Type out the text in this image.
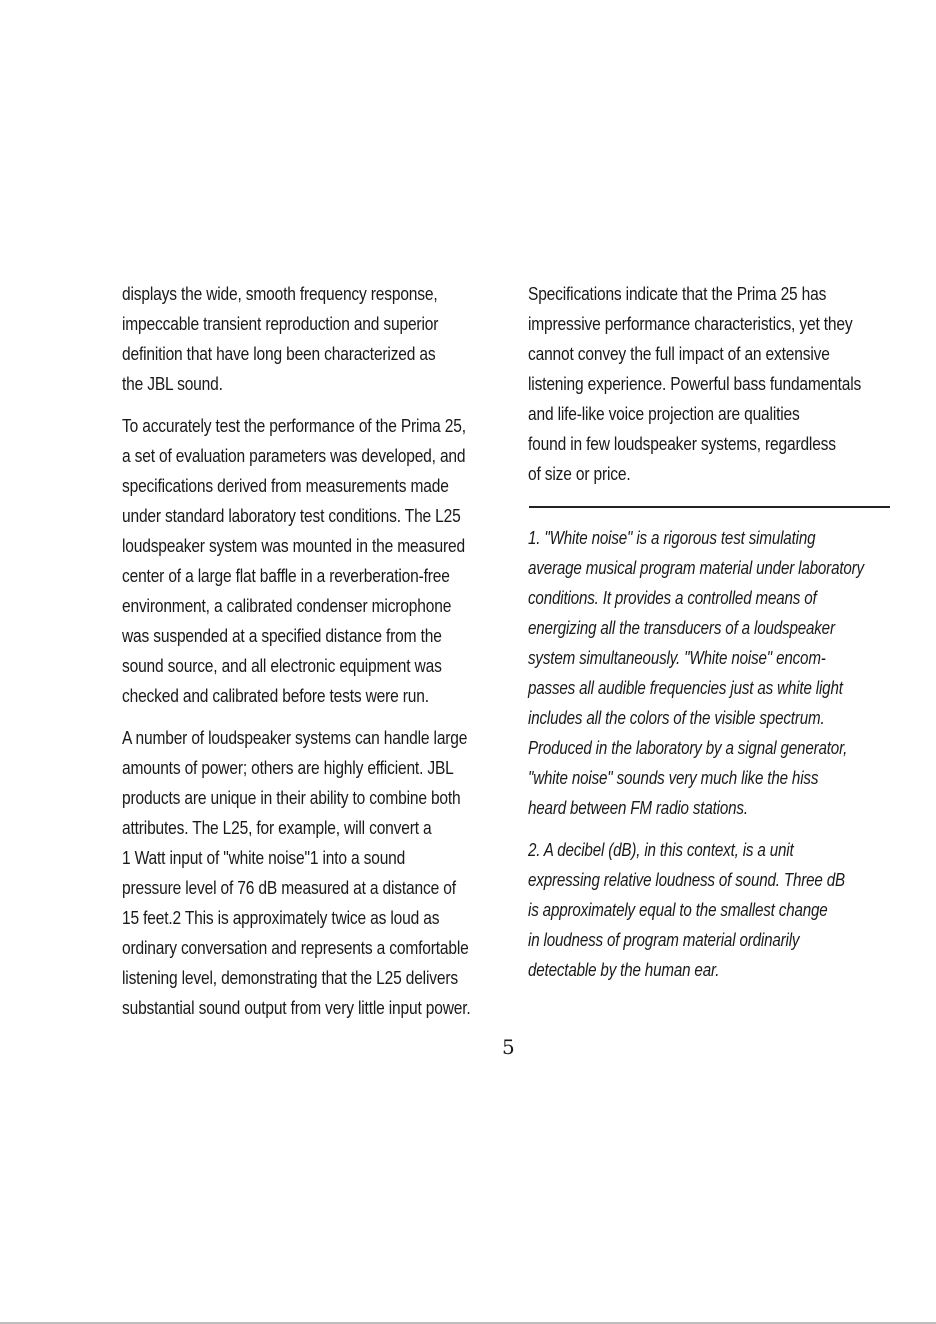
displays the wide, smooth frequency response,
impeccable transient reproduction and superior
definition that have long been characterized as
the JBL sound.
To accurately test the performance of the Prima 25,
a set of evaluation parameters was developed, and
specifications derived from measurements made
under standard laboratory test conditions. The L25
loudspeaker system was mounted in the measured
center of a large flat baffle in a reverberation-free
environment, a calibrated condenser microphone
was suspended at a specified distance from the
sound source, and all electronic equipment was
checked and calibrated before tests were run.
A number of loudspeaker systems can handle large
amounts of power; others are highly efficient. JBL
products are unique in their ability to combine both
attributes. The L25, for example, will convert a
1 Watt input of "white noise"1 into a sound
pressure level of 76 dB measured at a distance of
15 feet.2 This is approximately twice as loud as
ordinary conversation and represents a comfortable
listening level, demonstrating that the L25 delivers
substantial sound output from very little input power.
Specifications indicate that the Prima 25 has
impressive performance characteristics, yet they
cannot convey the full impact of an extensive
listening experience. Powerful bass fundamentals
and life-like voice projection are qualities
found in few loudspeaker systems, regardless
of size or price.
1. "White noise" is a rigorous test simulating
average musical program material under laboratory
conditions. It provides a controlled means of
energizing all the transducers of a loudspeaker
system simultaneously. "White noise" encom-
passes all audible frequencies just as white light
includes all the colors of the visible spectrum.
Produced in the laboratory by a signal generator,
"white noise" sounds very much like the hiss
heard between FM radio stations.
2. A decibel (dB), in this context, is a unit
expressing relative loudness of sound. Three dB
is approximately equal to the smallest change
in loudness of program material ordinarily
detectable by the human ear.
5
